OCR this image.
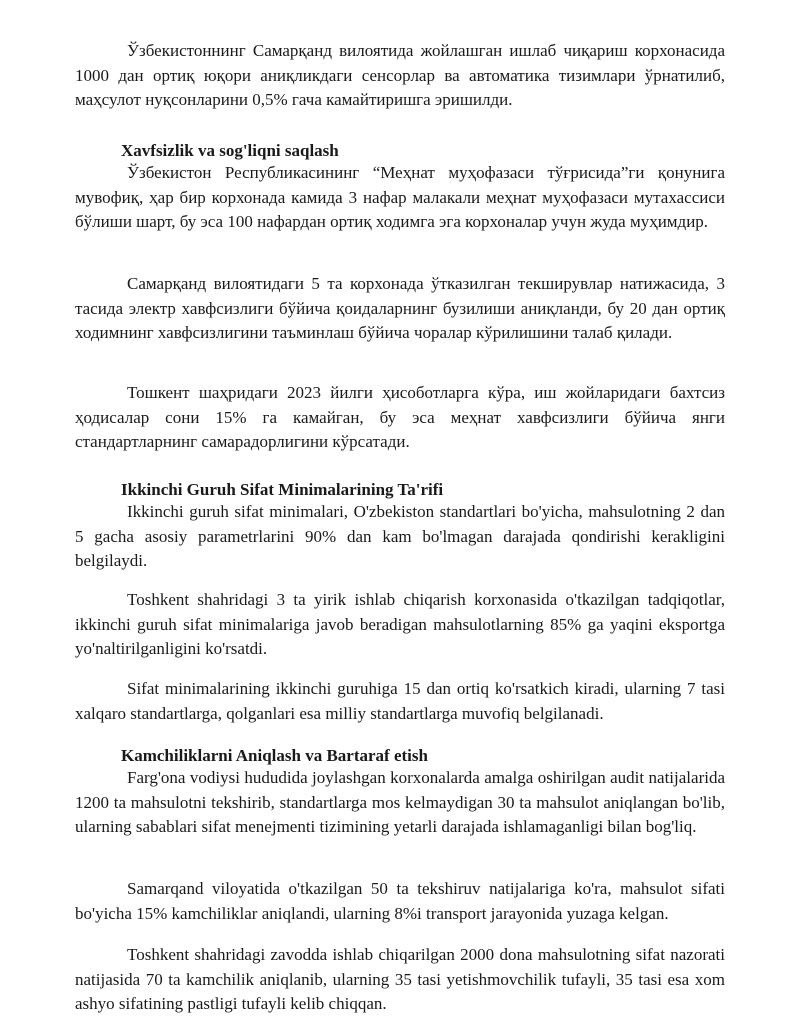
Ўзбекистоннинг Самарқанд вилоятида жойлашган ишлаб чиқариш корхонасида 1000 дан ортиқ юқори аниқликдаги сенсорлар ва автоматика тизимлари ўрнатилиб, маҳсулот нуқсонларини 0,5% гача камайтиришга эришилди.

Xavfsizlik va sog'liqni saqlash

Ўзбекистон Республикасининг “Меҳнат муҳофазаси тўғрисида”ги қонунига мувофиқ, ҳар бир корхонада камида 3 нафар малакали меҳнат муҳофазаси мутахассиси бўлиши шарт, бу эса 100 нафардан ортиқ ходимга эга корхоналар учун жуда муҳимдир.

Самарқанд вилоятидаги 5 та корхонада ўтказилган текширувлар натижасида, 3 тасида электр хавфсизлиги бўйича қоидаларнинг бузилиши аниқланди, бу 20 дан ортиқ ходимнинг хавфсизлигини таъминлаш бўйича чоралар кўрилишини талаб қилади.

Тошкент шаҳридаги 2023 йилги ҳисоботларга кўра, иш жойларидаги бахтсиз ҳодисалар сони 15% га камайган, бу эса меҳнат хавфсизлиги бўйича янги стандартларнинг самарадорлигини кўрсатади.

Ikkinchi Guruh Sifat Minimalarining Ta'rifi

Ikkinchi guruh sifat minimalari, O'zbekiston standartlari bo'yicha, mahsulotning 2 dan 5 gacha asosiy parametrlarini 90% dan kam bo'lmagan darajada qondirishi kerakligini belgilaydi.

Toshkent shahridagi 3 ta yirik ishlab chiqarish korxonasida o'tkazilgan tadqiqotlar, ikkinchi guruh sifat minimalariga javob beradigan mahsulotlarning 85% ga yaqini eksportga yo'naltirilganligini ko'rsatdi.

Sifat minimalarining ikkinchi guruhiga 15 dan ortiq ko'rsatkich kiradi, ularning 7 tasi xalqaro standartlarga, qolganlari esa milliy standartlarga muvofiq belgilanadi.

Kamchiliklarni Aniqlash va Bartaraf etish

Farg'ona vodiysi hududida joylashgan korxonalarda amalga oshirilgan audit natijalarida 1200 ta mahsulotni tekshirib, standartlarga mos kelmaydigan 30 ta mahsulot aniqlangan bo'lib, ularning sabablari sifat menejmenti tizimining yetarli darajada ishlamaganligi bilan bog'liq.

Samarqand viloyatida o'tkazilgan 50 ta tekshiruv natijalariga ko'ra, mahsulot sifati bo'yicha 15% kamchiliklar aniqlandi, ularning 8%i transport jarayonida yuzaga kelgan.

Toshkent shahridagi zavodda ishlab chiqarilgan 2000 dona mahsulotning sifat nazorati natijasida 70 ta kamchilik aniqlanib, ularning 35 tasi yetishmovchilik tufayli, 35 tasi esa xom ashyo sifatining pastligi tufayli kelib chiqqan.
